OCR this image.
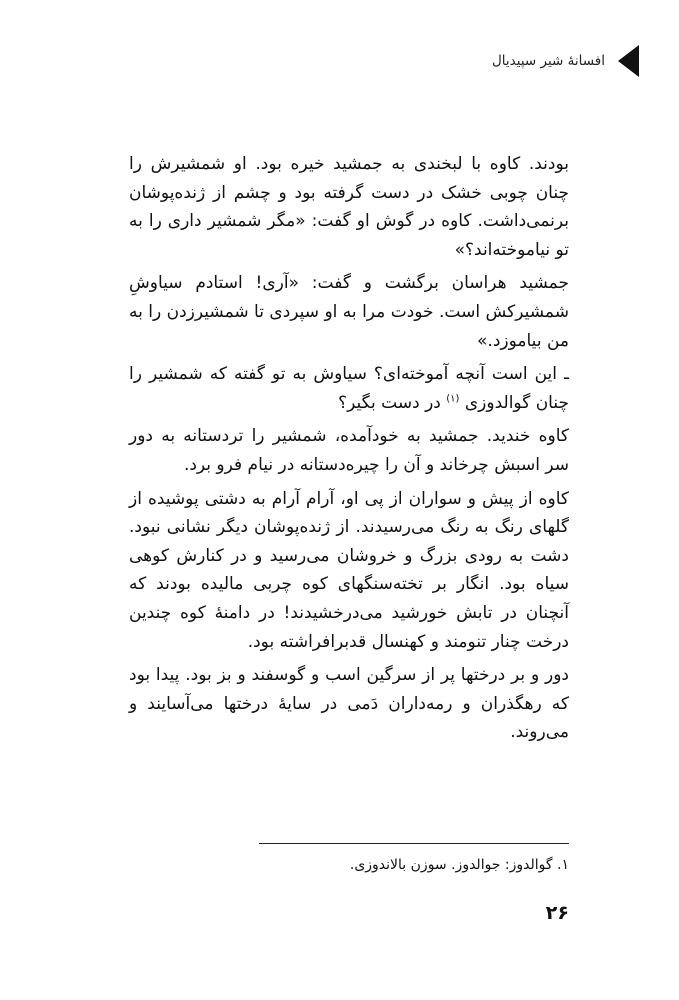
افسانۀ شیر سپیدیال

بودند. کاوه با لبخندی به جمشید خیره بود. او شمشیرش را چنان چوبی خشک در دست گرفته بود و چشم از ژنده‌پوشان برنمی‌داشت. کاوه در گوش او گفت: «مگر شمشیر داری را به تو نیاموخته‌اند؟»

جمشید هراسان برگشت و گفت: «آری! استادم سیاوشِ شمشیرکش است. خودت مرا به او سپردی تا شمشیرزدن را به من بیاموزد.»

ـ این است آنچه آموخته‌ای؟ سیاوش به تو گفته که شمشیر را چنان گوالدوزی $^{(۱)}$ در دست بگیر؟

کاوه خندید. جمشید به خودآمده، شمشیر را تردستانه به دور سر اسبش چرخاند و آن را چیره‌دستانه در نیام فرو برد.

کاوه از پیش و سواران از پی او، آرام آرام به دشتی پوشیده از گلهای رنگ به رنگ می‌رسیدند. از ژنده‌پوشان دیگر نشانی نبود. دشت به رودی بزرگ و خروشان می‌رسید و در کنارش کوهی سیاه بود. انگار بر تخته‌سنگهای کوه چربی مالیده بودند که آنچنان در تابش خورشید می‌درخشیدند! در دامنۀ کوه چندین درخت چنار تنومند و کهنسال قدبرافراشته بود.

دور و بر درختها پر از سرگین اسب و گوسفند و بز بود. پیدا بود که رهگذران و رمه‌داران دَمی در سایۀ درختها می‌آسایند و می‌روند.

۱. گوالدوز: جوالدوز. سوزن بالاندوزی.
۲۶
